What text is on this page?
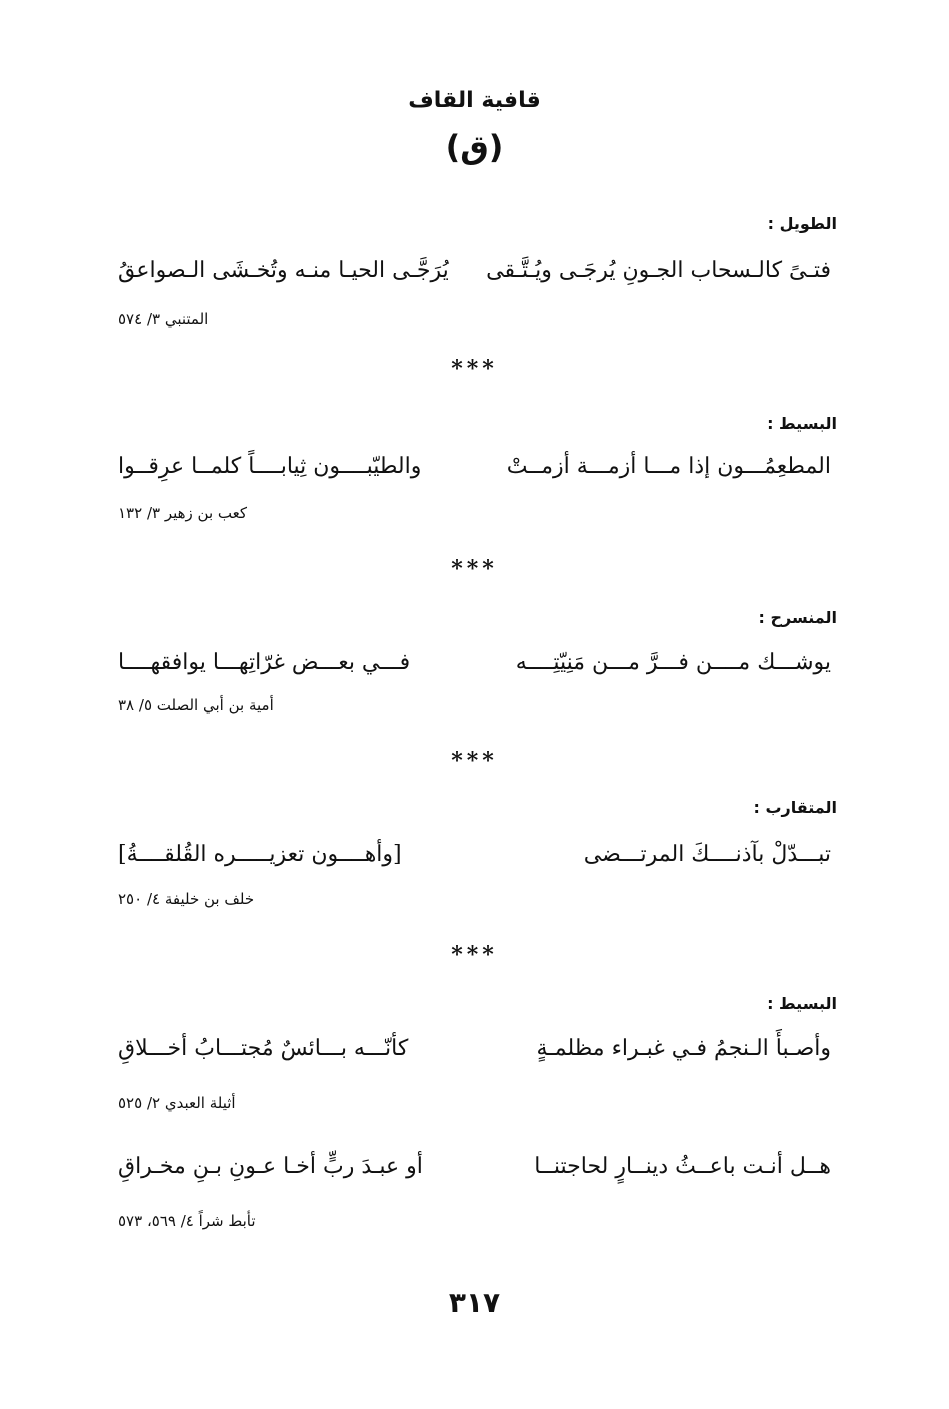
قافية القاف
(ق)
الطويل :
فتـىً كالـسحاب الجـونِ يُرجَـى ويُـتَّـقى
يُرَجَّـى الحيـا منـه وتُخـشَى الـصواعقُ
المتنبي ٣/ ٥٧٤
***
البسيط :
المطعِمُـــون إذا مـــا أزمـــة أزمــتْ
والطيّبــــون ثِيابــــاً كلمــا عرِقــوا
كعب بن زهير ٣/ ١٣٢
***
المنسرح :
يوشـــك مــــن فـــرَّ مـــن مَنِيّتِــــه
فـــي بعـــض غرّاتِهـــا يوافقهــــا
أمية بن أبي الصلت ٥/ ٣٨
***
المتقارب :
تبـــدّلْ بآذنــــكَ المرتـــضى
[وأهــــون تعزيـــــره القُلقــــةُ]
خلف بن خليفة ٤/ ٢٥٠
***
البسيط :
وأصـبأَ الـنجمُ فـي غبـراء مظلمـةٍ
كأنّـــه بـــائسٌ مُجتـــابُ أخـــلاقِ
أثيلة العبدي ٢/ ٥٢٥
هــل أنـت باعــثُ دينــارٍ لحاجتنــا
أو عبـدَ ربٍّ أخـا عـونِ بـنِ مخـراقِ
تأبط شراً ٤/ ٥٦٩، ٥٧٣
٣١٧
